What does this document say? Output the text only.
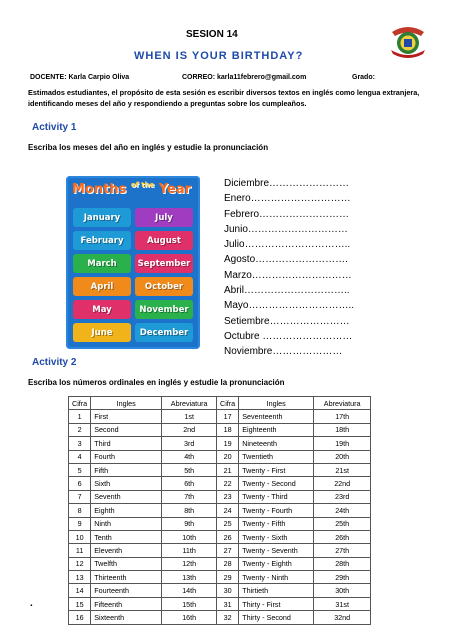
SESION 14
WHEN IS YOUR BIRTHDAY?
DOCENTE: Karla Carpio Oliva	CORREO: karla11febrero@gmail.com	Grado:
Estimados estudiantes, el propósito de esta sesión es escribir diversos textos en inglés como lengua extranjera, identificando meses del año y respondiendo a preguntas sobre los cumpleaños.
Activity 1
Escriba los meses del año en inglés y estudie la pronunciación
Months $^{of the}$ Year
January	July
February	August
March	September
April	October
May	November
June	December
Diciembre……………………
Enero…………………………
Febrero………………………
Junio…………………………
Julio…………………………..
Agosto……………………….
Marzo…………………………
Abril…………………………..
Mayo…………………………..
Setiembre……………………
Octubre ………………………
Noviembre…………………
Activity 2
Escriba los números ordinales en inglés y estudie la pronunciación
Cifra	Ingles	Abreviatura
1	First	1st
2	Second	2nd
3	Third	3rd
4	Fourth	4th
5	Fifth	5th
6	Sixth	6th
7	Seventh	7th
8	Eighth	8th
9	Ninth	9th
10	Tenth	10th
11	Eleventh	11th
12	Twelfth	12th
13	Thirteenth	13th
14	Fourteenth	14th
15	Fifteenth	15th
16	Sixteenth	16th
Cifra	Ingles	Abreviatura
17	Seventeenth	17th
18	Eighteenth	18th
19	Nineteenth	19th
20	Twentieth	20th
21	Twenty - First	21st
22	Twenty - Second	22nd
23	Twenty - Third	23rd
24	Twenty - Fourth	24th
25	Twenty - Fifth	25th
26	Twenty - Sixth	26th
27	Twenty - Seventh	27th
28	Twenty - Eighth	28th
29	Twenty - Ninth	29th
30	Thirtieth	30th
31	Thirty - First	31st
32	Thirty - Second	32nd
.
